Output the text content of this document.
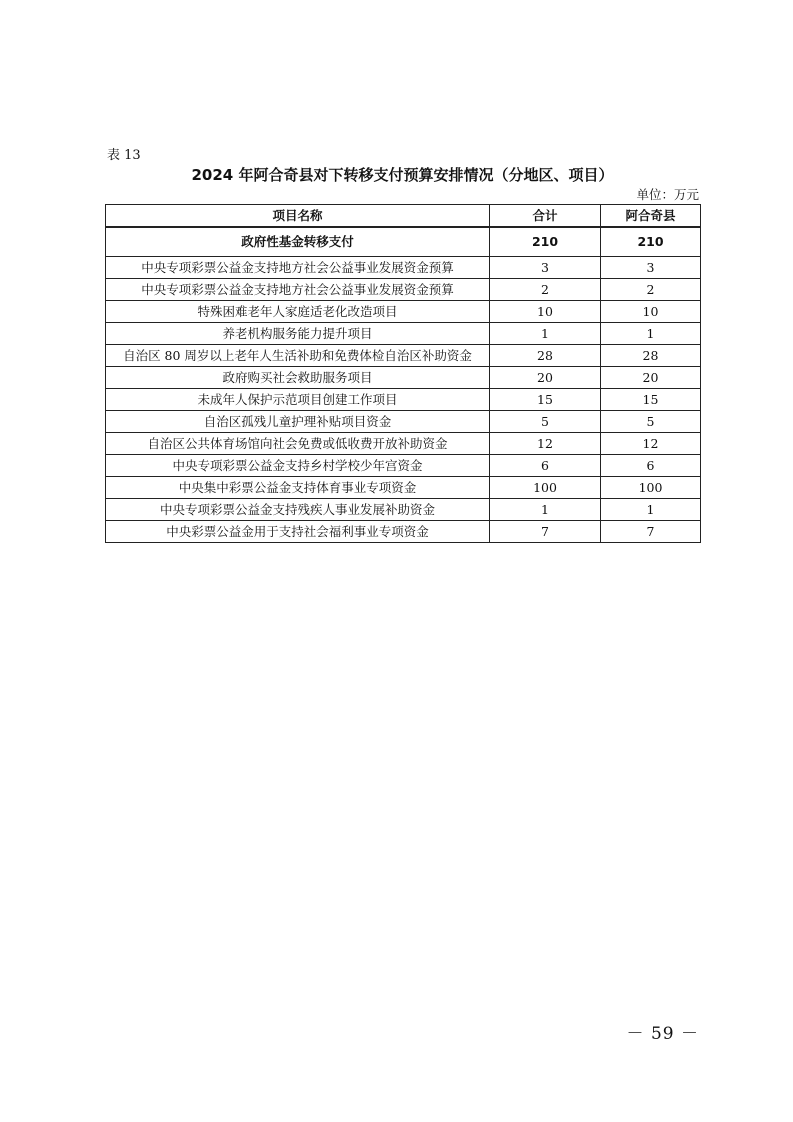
表 13
2024 年阿合奇县对下转移支付预算安排情况（分地区、项目）
单位：万元
项目名称	合计	阿合奇县
政府性基金转移支付	210	210
中央专项彩票公益金支持地方社会公益事业发展资金预算	3	3
中央专项彩票公益金支持地方社会公益事业发展资金预算	2	2
特殊困难老年人家庭适老化改造项目	10	10
养老机构服务能力提升项目	1	1
自治区 80 周岁以上老年人生活补助和免费体检自治区补助资金	28	28
政府购买社会救助服务项目	20	20
未成年人保护示范项目创建工作项目	15	15
自治区孤残儿童护理补贴项目资金	5	5
自治区公共体育场馆向社会免费或低收费开放补助资金	12	12
中央专项彩票公益金支持乡村学校少年宫资金	6	6
中央集中彩票公益金支持体育事业专项资金	100	100
中央专项彩票公益金支持残疾人事业发展补助资金	1	1
中央彩票公益金用于支持社会福利事业专项资金	7	7
－ 59 －
